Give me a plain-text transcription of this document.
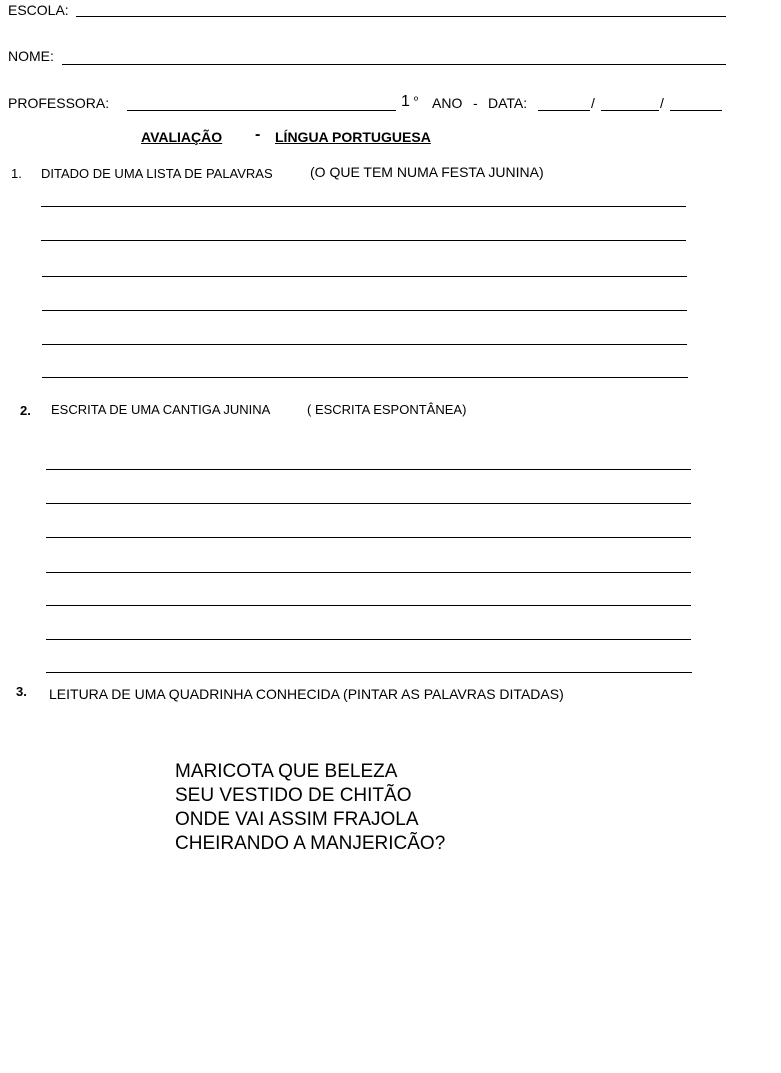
ESCOLA:
NOME:
PROFESSORA:	1 º ANO - DATA:	/	/
AVALIAÇÃO - LÍNGUA PORTUGUESA
1. DITADO DE UMA LISTA DE PALAVRAS	(O QUE TEM NUMA FESTA JUNINA)
2. ESCRITA DE UMA CANTIGA JUNINA	( ESCRITA ESPONTÂNEA)
3. LEITURA DE UMA QUADRINHA CONHECIDA (PINTAR AS PALAVRAS DITADAS)
MARICOTA QUE BELEZA
SEU VESTIDO DE CHITÃO
ONDE VAI ASSIM FRAJOLA
CHEIRANDO A MANJERICÃO?
